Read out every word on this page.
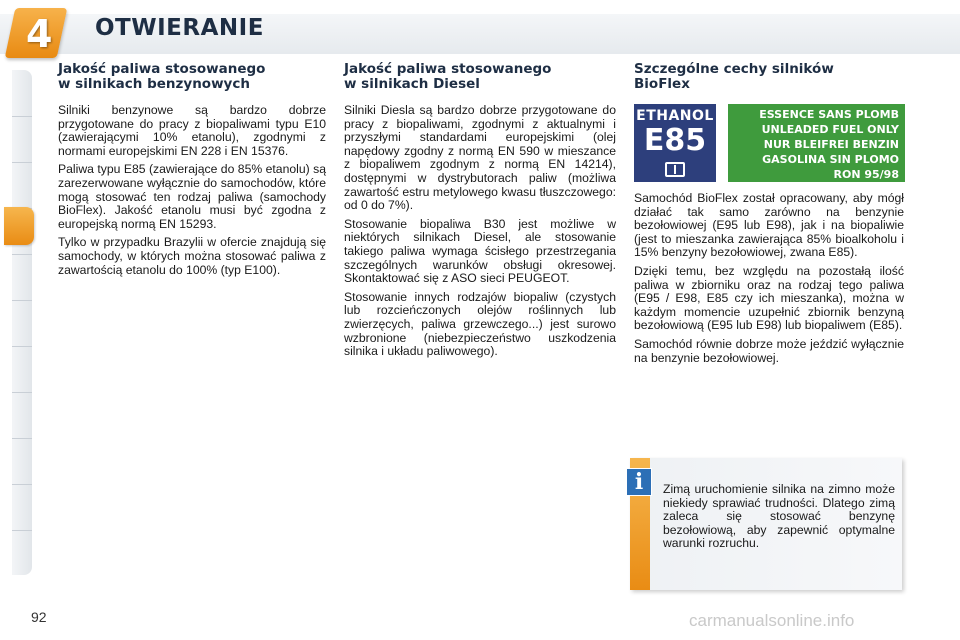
4 OTWIERANIE
Jakość paliwa stosowanego
w silnikach benzynowych

Silniki benzynowe są bardzo dobrze przygotowane do pracy z biopaliwami typu E10 (zawierającymi 10% etanolu), zgodnymi z normami europejskimi EN 228 i EN 15376.

Paliwa typu E85 (zawierające do 85% etanolu) są zarezerwowane wyłącznie do samochodów, które mogą stosować ten rodzaj paliwa (samochody BioFlex). Jakość etanolu musi być zgodna z europejską normą EN 15293.

Tylko w przypadku Brazylii w ofercie znajdują się samochody, w których można stosować paliwa z zawartością etanolu do 100% (typ E100).

Jakość paliwa stosowanego
w silnikach Diesel

Silniki Diesla są bardzo dobrze przygotowane do pracy z biopaliwami, zgodnymi z aktualnymi i przyszłymi standardami europejskimi (olej napędowy zgodny z normą EN 590 w mieszance z biopaliwem zgodnym z normą EN 14214), dostępnymi w dystrybutorach paliw (możliwa zawartość estru metylowego kwasu tłuszczowego: od 0 do 7%).

Stosowanie biopaliwa B30 jest możliwe w niektórych silnikach Diesel, ale stosowanie takiego paliwa wymaga ścisłego przestrzegania szczególnych warunków obsługi okresowej. Skontaktować się z ASO sieci PEUGEOT.

Stosowanie innych rodzajów biopaliw (czystych lub rozcieńczonych olejów roślinnych lub zwierzęcych, paliwa grzewczego...) jest surowo wzbronione (niebezpieczeństwo uszkodzenia silnika i układu paliwowego).

Szczególne cechy silników
BioFlex
ETHANOL
E85
ESSENCE SANS PLOMB
UNLEADED FUEL ONLY
NUR BLEIFREI BENZIN
GASOLINA SIN PLOMO
RON 95/98

Samochód BioFlex został opracowany, aby mógł działać tak samo zarówno na benzynie bezołowiowej (E95 lub E98), jak i na biopaliwie (jest to mieszanka zawierająca 85% bioalkoholu i 15% benzyny bezołowiowej, zwana E85).

Dzięki temu, bez względu na pozostałą ilość paliwa w zbiorniku oraz na rodzaj tego paliwa (E95 / E98, E85 czy ich mieszanka), można w każdym momencie uzupełnić zbiornik benzyną bezołowiową (E95 lub E98) lub biopaliwem (E85).

Samochód równie dobrze może jeździć wyłącznie na benzynie bezołowiowej.

i	Zimą uruchomienie silnika na zimno może niekiedy sprawiać trudności. Dlatego zimą zaleca się stosować benzynę bezołowiową, aby zapewnić optymalne warunki rozruchu.

92	carmanualsonline.info
